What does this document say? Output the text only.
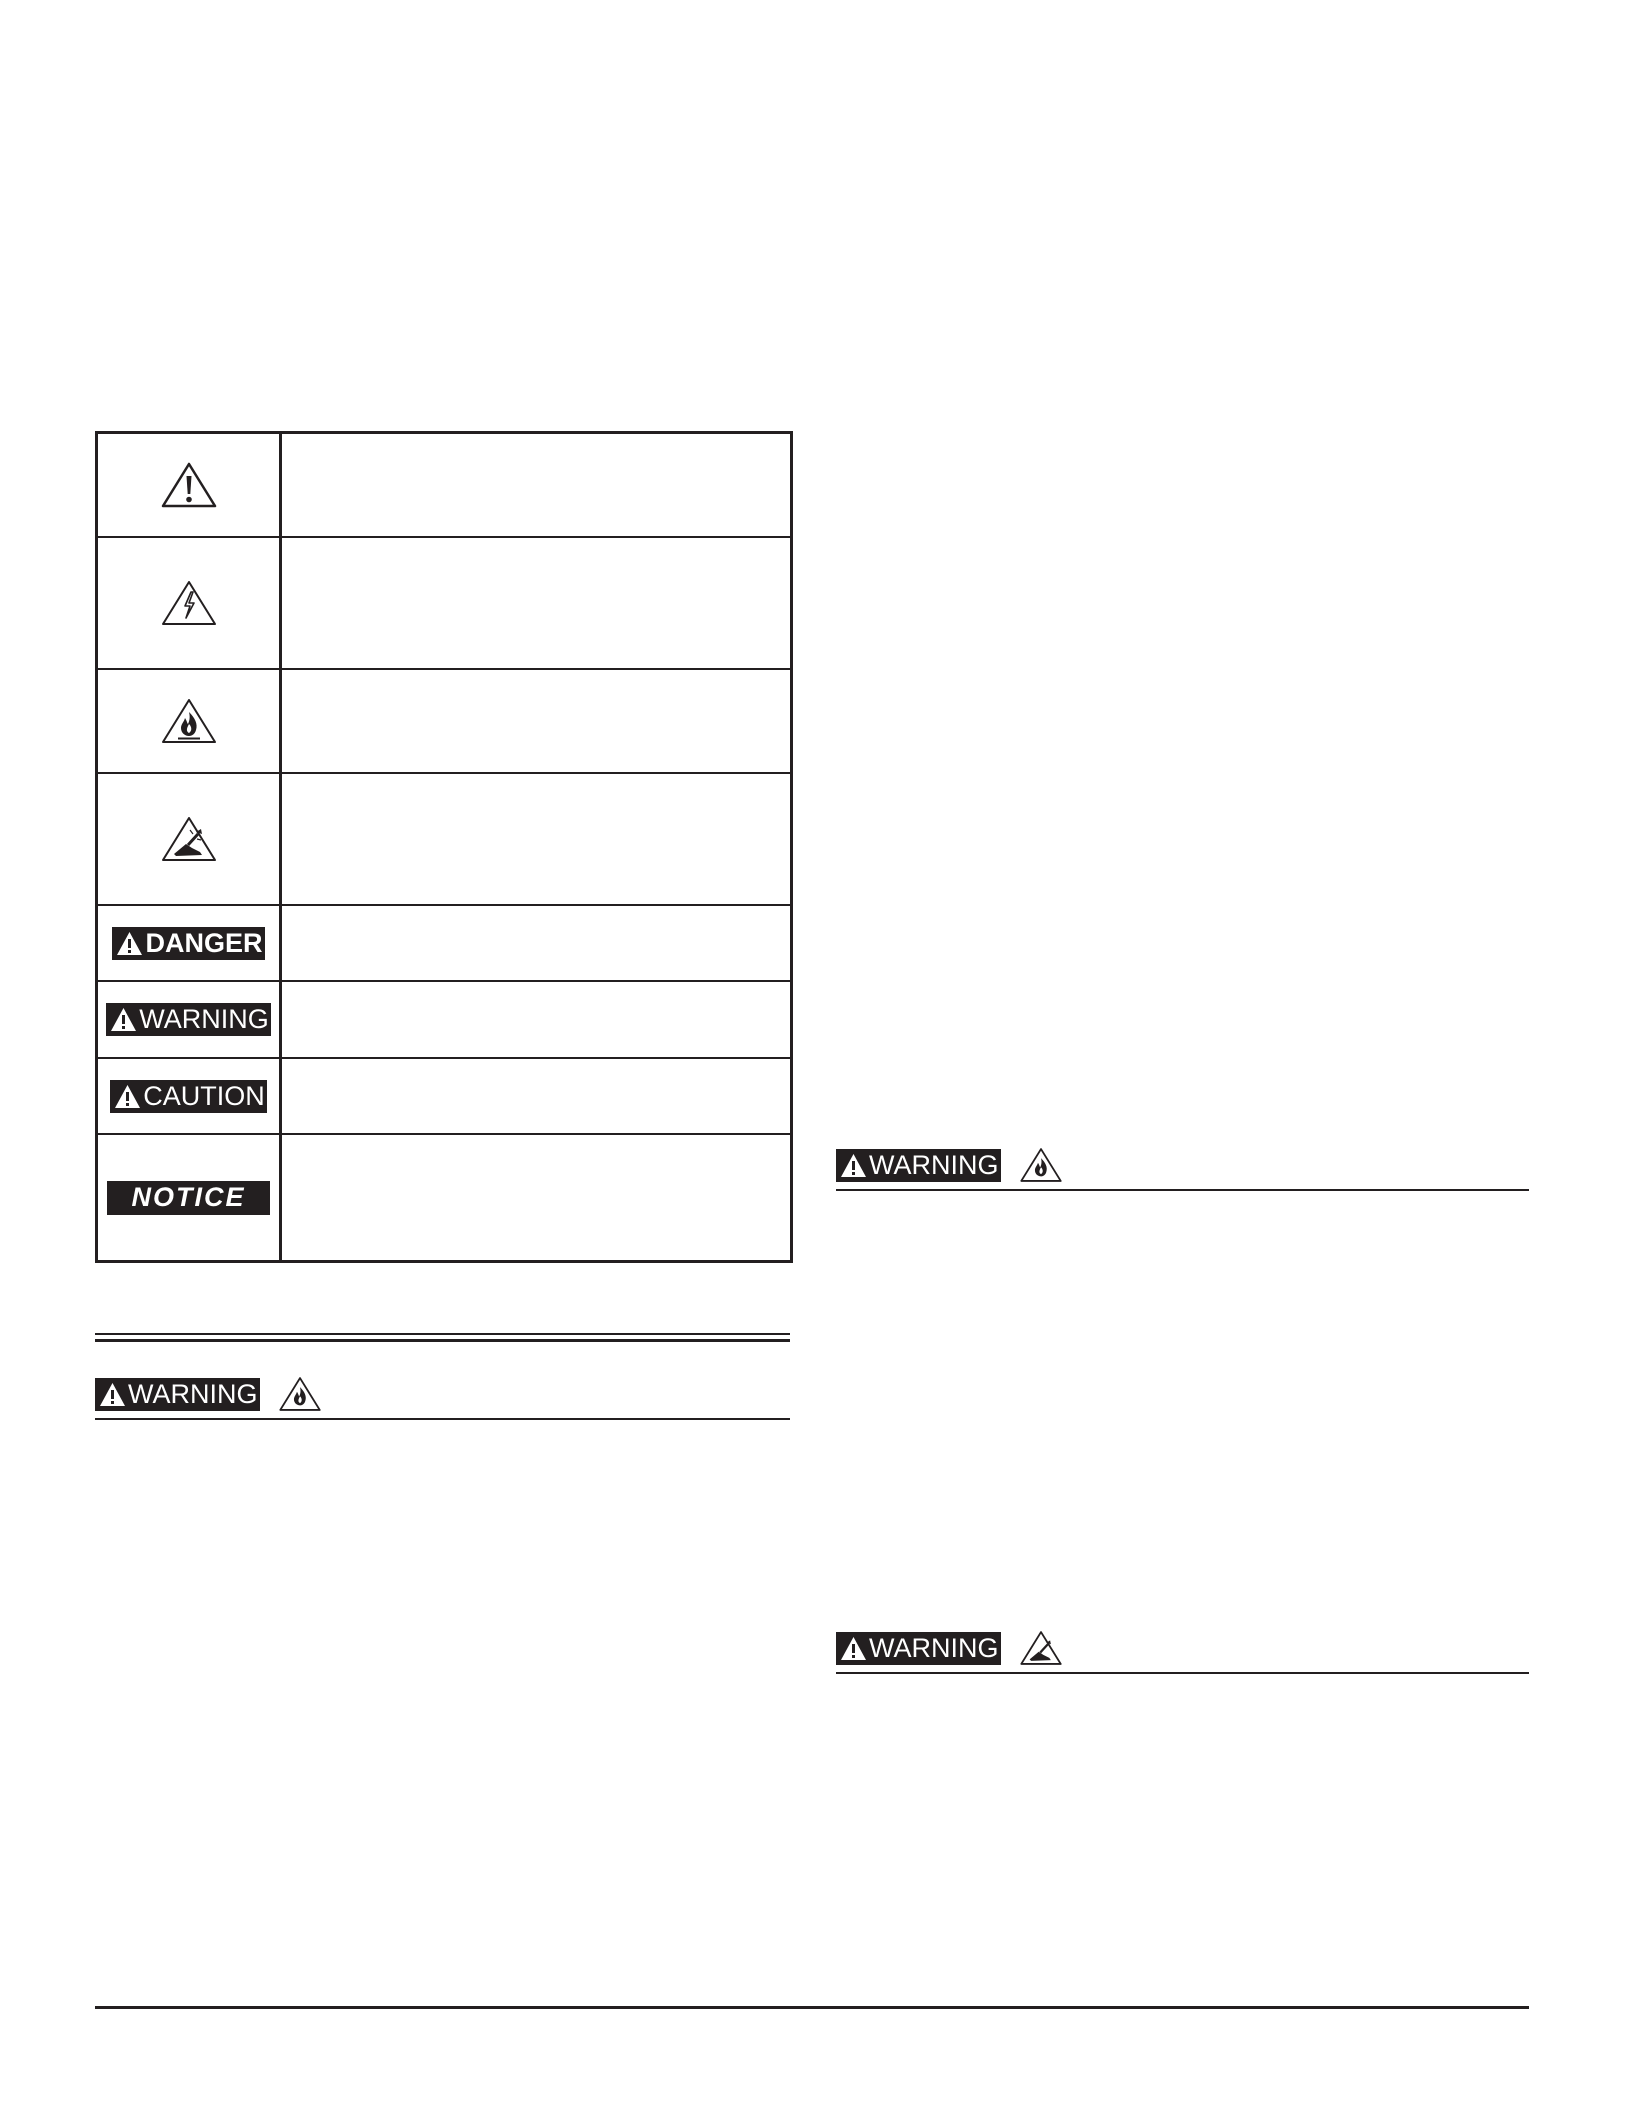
DANGER
WARNING
CAUTION
NOTICE
WARNING
WARNING
WARNING
